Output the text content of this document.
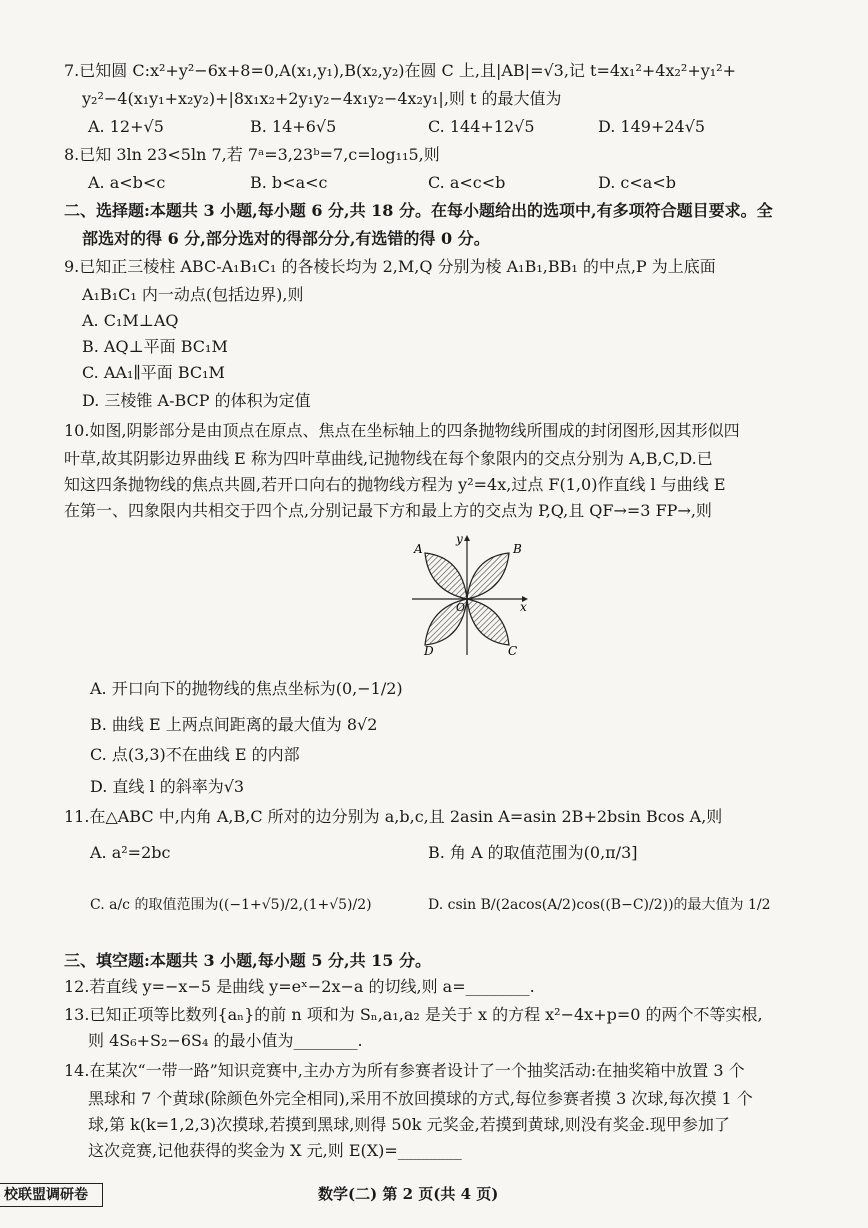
7.已知圆 C:x²+y²−6x+8=0,A(x₁,y₁),B(x₂,y₂)在圆 C 上,且|AB|=√3,记 t=4x₁²+4x₂²+y₁²+
y₂²−4(x₁y₁+x₂y₂)+|8x₁x₂+2y₁y₂−4x₁y₂−4x₂y₁|,则 t 的最大值为
A. 12+√5	B. 14+6√5	C. 144+12√5	D. 149+24√5
8.已知 3ln 23<5ln 7,若 7ᵃ=3,23ᵇ=7,c=log₁₁5,则
A. a<b<c	B. b<a<c	C. a<c<b	D. c<a<b
二、选择题:本题共 3 小题,每小题 6 分,共 18 分。在每小题给出的选项中,有多项符合题目要求。全
部选对的得 6 分,部分选对的得部分分,有选错的得 0 分。
9.已知正三棱柱 ABC-A₁B₁C₁ 的各棱长均为 2,M,Q 分别为棱 A₁B₁,BB₁ 的中点,P 为上底面
A₁B₁C₁ 内一动点(包括边界),则
A. C₁M⊥AQ
B. AQ⊥平面 BC₁M
C. AA₁∥平面 BC₁M
D. 三棱锥 A-BCP 的体积为定值
10.如图,阴影部分是由顶点在原点、焦点在坐标轴上的四条抛物线所围成的封闭图形,因其形似四
叶草,故其阴影边界曲线 E 称为四叶草曲线,记抛物线在每个象限内的交点分别为 A,B,C,D.已
知这四条抛物线的焦点共圆,若开口向右的抛物线方程为 y²=4x,过点 F(1,0)作直线 l 与曲线 E
在第一、四象限内共相交于四个点,分别记最下方和最上方的交点为 P,Q,且 QF→=3 FP→,则
A	B
C
D
x
y
O
A. 开口向下的抛物线的焦点坐标为(0,−1/2)
B. 曲线 E 上两点间距离的最大值为 8√2
C. 点(3,3)不在曲线 E 的内部
D. 直线 l 的斜率为√3
11.在△ABC 中,内角 A,B,C 所对的边分别为 a,b,c,且 2asin A=asin 2B+2bsin Bcos A,则
A. a²=2bc	B. 角 A 的取值范围为(0,π/3]
C. a/c 的取值范围为((−1+√5)/2,(1+√5)/2)	D. csin B/(2acos(A/2)cos((B−C)/2))的最大值为 1/2
三、填空题:本题共 3 小题,每小题 5 分,共 15 分。
12.若直线 y=−x−5 是曲线 y=eˣ−2x−a 的切线,则 a=________.
13.已知正项等比数列{aₙ}的前 n 项和为 Sₙ,a₁,a₂ 是关于 x 的方程 x²−4x+p=0 的两个不等实根,
则 4S₆+S₂−6S₄ 的最小值为________.
14.在某次“一带一路”知识竞赛中,主办方为所有参赛者设计了一个抽奖活动:在抽奖箱中放置 3 个
黑球和 7 个黄球(除颜色外完全相同),采用不放回摸球的方式,每位参赛者摸 3 次球,每次摸 1 个
球,第 k(k=1,2,3)次摸球,若摸到黑球,则得 50k 元奖金,若摸到黄球,则没有奖金.现甲参加了
这次竞赛,记他获得的奖金为 X 元,则 E(X)=________
校联盟调研卷	数学(二) 第 2 页(共 4 页)
